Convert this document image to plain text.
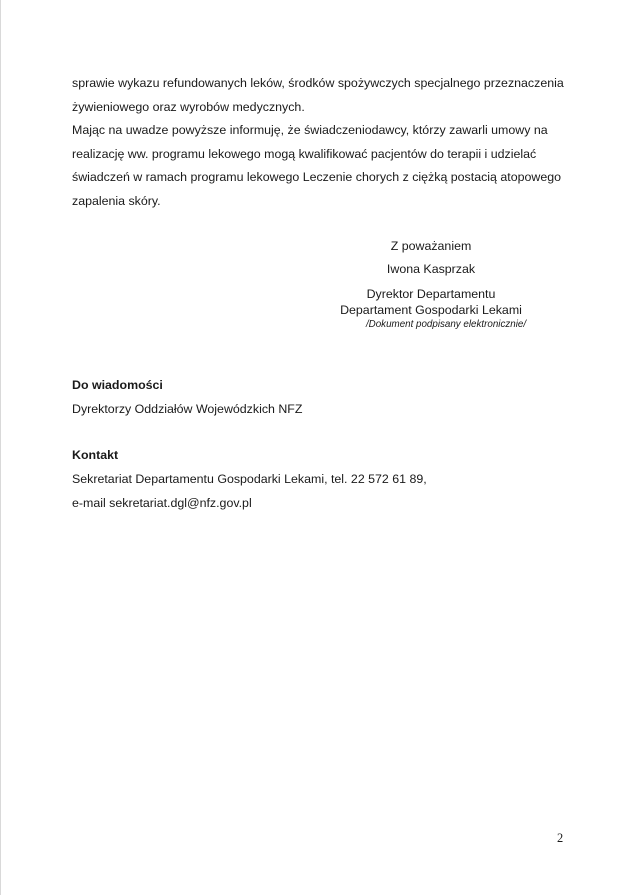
sprawie wykazu refundowanych leków, środków spożywczych specjalnego przeznaczenia

żywieniowego oraz wyrobów medycznych.

Mając na uwadze powyższe informuję, że świadczeniodawcy, którzy zawarli umowy na

realizację ww. programu lekowego mogą kwalifikować pacjentów do terapii i udzielać

świadczeń w ramach programu lekowego Leczenie chorych z ciężką postacią atopowego

zapalenia skóry.

Z poważaniem
Iwona Kasprzak
Dyrektor Departamentu
Departament Gospodarki Lekami
/Dokument podpisany elektronicznie/
Do wiadomości
Dyrektorzy Oddziałów Wojewódzkich NFZ
Kontakt
Sekretariat Departamentu Gospodarki Lekami, tel. 22 572 61 89,
e-mail sekretariat.dgl@nfz.gov.pl
2
